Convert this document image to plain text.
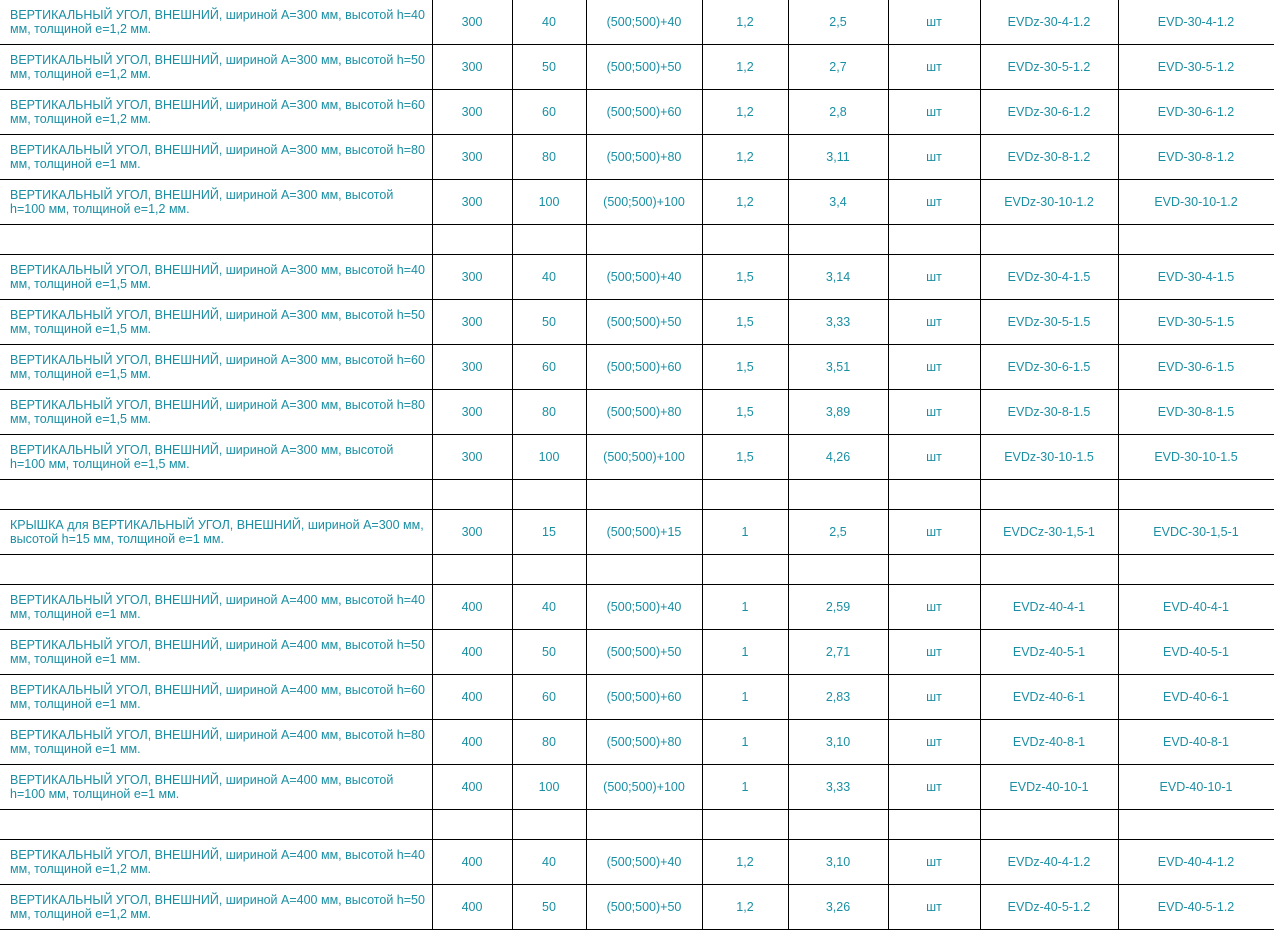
ВЕРТИКАЛЬНЫЙ УГОЛ, ВНЕШНИЙ, шириной А=300 мм, высотой h=40 мм, толщиной е=1,2 мм.	300	40	(500;500)+40	1,2	2,5	шт	EVDz-30-4-1.2	EVD-30-4-1.2
ВЕРТИКАЛЬНЫЙ УГОЛ, ВНЕШНИЙ, шириной А=300 мм, высотой h=50 мм, толщиной е=1,2 мм.	300	50	(500;500)+50	1,2	2,7	шт	EVDz-30-5-1.2	EVD-30-5-1.2
ВЕРТИКАЛЬНЫЙ УГОЛ, ВНЕШНИЙ, шириной А=300 мм, высотой h=60 мм, толщиной е=1,2 мм.	300	60	(500;500)+60	1,2	2,8	шт	EVDz-30-6-1.2	EVD-30-6-1.2
ВЕРТИКАЛЬНЫЙ УГОЛ, ВНЕШНИЙ, шириной А=300 мм, высотой h=80 мм, толщиной е=1 мм.	300	80	(500;500)+80	1,2	3,11	шт	EVDz-30-8-1.2	EVD-30-8-1.2
ВЕРТИКАЛЬНЫЙ УГОЛ, ВНЕШНИЙ, шириной А=300 мм, высотой h=100 мм, толщиной е=1,2 мм.	300	100	(500;500)+100	1,2	3,4	шт	EVDz-30-10-1.2	EVD-30-10-1.2

ВЕРТИКАЛЬНЫЙ УГОЛ, ВНЕШНИЙ, шириной А=300 мм, высотой h=40 мм, толщиной е=1,5 мм.	300	40	(500;500)+40	1,5	3,14	шт	EVDz-30-4-1.5	EVD-30-4-1.5
ВЕРТИКАЛЬНЫЙ УГОЛ, ВНЕШНИЙ, шириной А=300 мм, высотой h=50 мм, толщиной е=1,5 мм.	300	50	(500;500)+50	1,5	3,33	шт	EVDz-30-5-1.5	EVD-30-5-1.5
ВЕРТИКАЛЬНЫЙ УГОЛ, ВНЕШНИЙ, шириной А=300 мм, высотой h=60 мм, толщиной е=1,5 мм.	300	60	(500;500)+60	1,5	3,51	шт	EVDz-30-6-1.5	EVD-30-6-1.5
ВЕРТИКАЛЬНЫЙ УГОЛ, ВНЕШНИЙ, шириной А=300 мм, высотой h=80 мм, толщиной е=1,5 мм.	300	80	(500;500)+80	1,5	3,89	шт	EVDz-30-8-1.5	EVD-30-8-1.5
ВЕРТИКАЛЬНЫЙ УГОЛ, ВНЕШНИЙ, шириной А=300 мм, высотой h=100 мм, толщиной е=1,5 мм.	300	100	(500;500)+100	1,5	4,26	шт	EVDz-30-10-1.5	EVD-30-10-1.5

КРЫШКА для ВЕРТИКАЛЬНЫЙ УГОЛ, ВНЕШНИЙ, шириной А=300 мм, высотой h=15 мм, толщиной е=1 мм.	300	15	(500;500)+15	1	2,5	шт	EVDCz-30-1,5-1	EVDC-30-1,5-1

ВЕРТИКАЛЬНЫЙ УГОЛ, ВНЕШНИЙ, шириной А=400 мм, высотой h=40 мм, толщиной е=1 мм.	400	40	(500;500)+40	1	2,59	шт	EVDz-40-4-1	EVD-40-4-1
ВЕРТИКАЛЬНЫЙ УГОЛ, ВНЕШНИЙ, шириной А=400 мм, высотой h=50 мм, толщиной е=1 мм.	400	50	(500;500)+50	1	2,71	шт	EVDz-40-5-1	EVD-40-5-1
ВЕРТИКАЛЬНЫЙ УГОЛ, ВНЕШНИЙ, шириной А=400 мм, высотой h=60 мм, толщиной е=1 мм.	400	60	(500;500)+60	1	2,83	шт	EVDz-40-6-1	EVD-40-6-1
ВЕРТИКАЛЬНЫЙ УГОЛ, ВНЕШНИЙ, шириной А=400 мм, высотой h=80 мм, толщиной е=1 мм.	400	80	(500;500)+80	1	3,10	шт	EVDz-40-8-1	EVD-40-8-1
ВЕРТИКАЛЬНЫЙ УГОЛ, ВНЕШНИЙ, шириной А=400 мм, высотой h=100 мм, толщиной е=1 мм.	400	100	(500;500)+100	1	3,33	шт	EVDz-40-10-1	EVD-40-10-1

ВЕРТИКАЛЬНЫЙ УГОЛ, ВНЕШНИЙ, шириной А=400 мм, высотой h=40 мм, толщиной е=1,2 мм.	400	40	(500;500)+40	1,2	3,10	шт	EVDz-40-4-1.2	EVD-40-4-1.2
ВЕРТИКАЛЬНЫЙ УГОЛ, ВНЕШНИЙ, шириной А=400 мм, высотой h=50 мм, толщиной е=1,2 мм.	400	50	(500;500)+50	1,2	3,26	шт	EVDz-40-5-1.2	EVD-40-5-1.2
